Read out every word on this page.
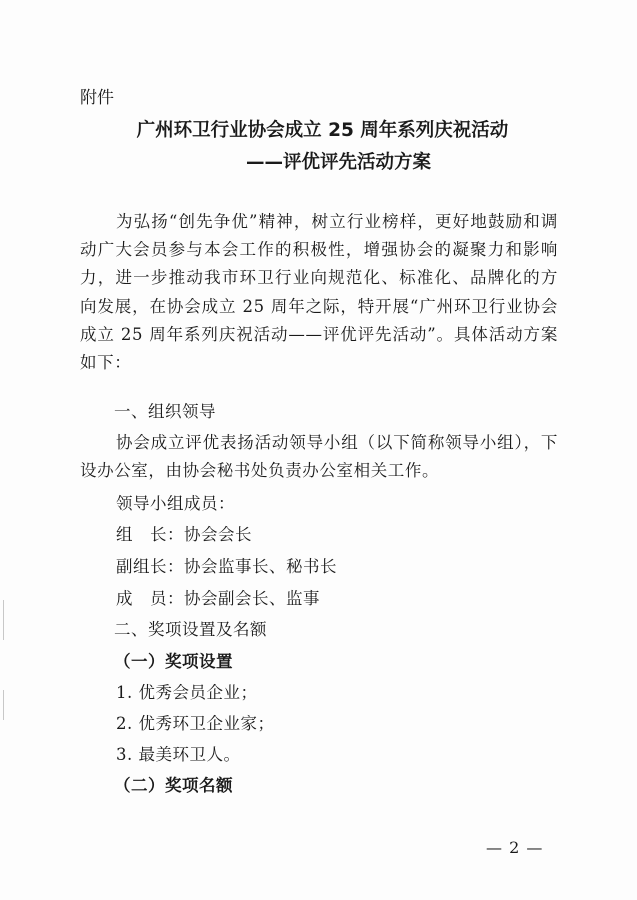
附件
广州环卫行业协会成立 25 周年系列庆祝活动
——评优评先活动方案
为弘扬“创先争优”精神，树立行业榜样，更好地鼓励和调动广大会员参与本会工作的积极性，增强协会的凝聚力和影响力，进一步推动我市环卫行业向规范化、标准化、品牌化的方向发展，在协会成立 25 周年之际，特开展“广州环卫行业协会成立 25 周年系列庆祝活动——评优评先活动”。具体活动方案如下：
一、组织领导
协会成立评优表扬活动领导小组（以下简称领导小组），下设办公室，由协会秘书处负责办公室相关工作。
领导小组成员：
组　长：协会会长
副组长：协会监事长、秘书长
成　员：协会副会长、监事
二、奖项设置及名额
（一）奖项设置
1. 优秀会员企业；
2. 优秀环卫企业家；
3. 最美环卫人。
（二）奖项名额
— 2 —
